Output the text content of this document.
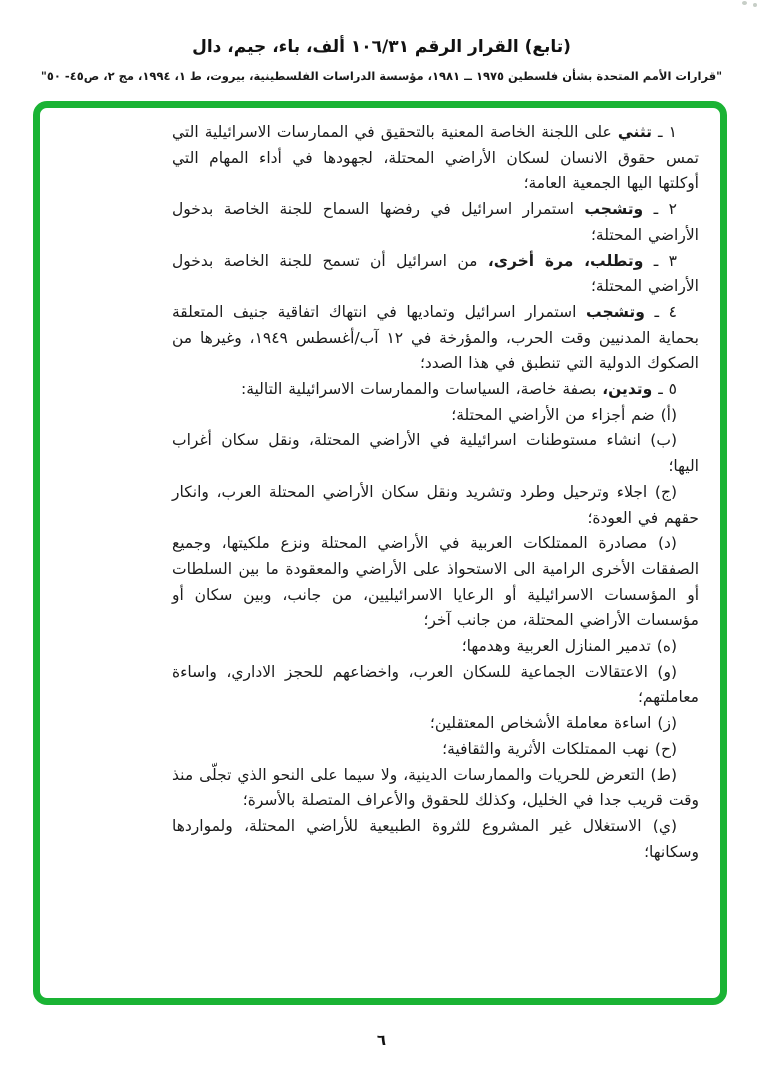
(تابع) القرار الرقم ١٠٦/٣١ ألف، باء، جيم، دال
"قرارات الأمم المتحدة بشأن فلسطين ١٩٧٥ ــ ١٩٨١، مؤسسة الدراسات الفلسطينية، بيروت، ط ١، ١٩٩٤، مج ٢، ص٤٥- ٥٠"

١ ـ تثني على اللجنة الخاصة المعنية بالتحقيق في الممارسات الاسرائيلية التي تمس حقوق الانسان لسكان الأراضي المحتلة، لجهودها في أداء المهام التي أوكلتها اليها الجمعية العامة؛

٢ ـ وتشجب استمرار اسرائيل في رفضها السماح للجنة الخاصة بدخول الأراضي المحتلة؛

٣ ـ وتطلب، مرة أخرى، من اسرائيل أن تسمح للجنة الخاصة بدخول الأراضي المحتلة؛

٤ ـ وتشجب استمرار اسرائيل وتماديها في انتهاك اتفاقية جنيف المتعلقة بحماية المدنيين وقت الحرب، والمؤرخة في ١٢ آب/أغسطس ١٩٤٩، وغيرها من الصكوك الدولية التي تنطبق في هذا الصدد؛

٥ ـ وتدين، بصفة خاصة، السياسات والممارسات الاسرائيلية التالية:

(أ) ضم أجزاء من الأراضي المحتلة؛

(ب) انشاء مستوطنات اسرائيلية في الأراضي المحتلة، ونقل سكان أغراب اليها؛

(ج) اجلاء وترحيل وطرد وتشريد ونقل سكان الأراضي المحتلة العرب، وانكار حقهم في العودة؛

(د) مصادرة الممتلكات العربية في الأراضي المحتلة ونزع ملكيتها، وجميع الصفقات الأخرى الرامية الى الاستحواذ على الأراضي والمعقودة ما بين السلطات أو المؤسسات الاسرائيلية أو الرعايا الاسرائيليين، من جانب، وبين سكان أو مؤسسات الأراضي المحتلة، من جانب آخر؛

(ه) تدمير المنازل العربية وهدمها؛

(و) الاعتقالات الجماعية للسكان العرب، واخضاعهم للحجز الاداري، واساءة معاملتهم؛

(ز) اساءة معاملة الأشخاص المعتقلين؛

(ح) نهب الممتلكات الأثرية والثقافية؛

(ط) التعرض للحريات والممارسات الدينية، ولا سيما على النحو الذي تجلّى منذ وقت قريب جدا في الخليل، وكذلك للحقوق والأعراف المتصلة بالأسرة؛

(ي) الاستغلال غير المشروع للثروة الطبيعية للأراضي المحتلة، ولمواردها وسكانها؛

٦
